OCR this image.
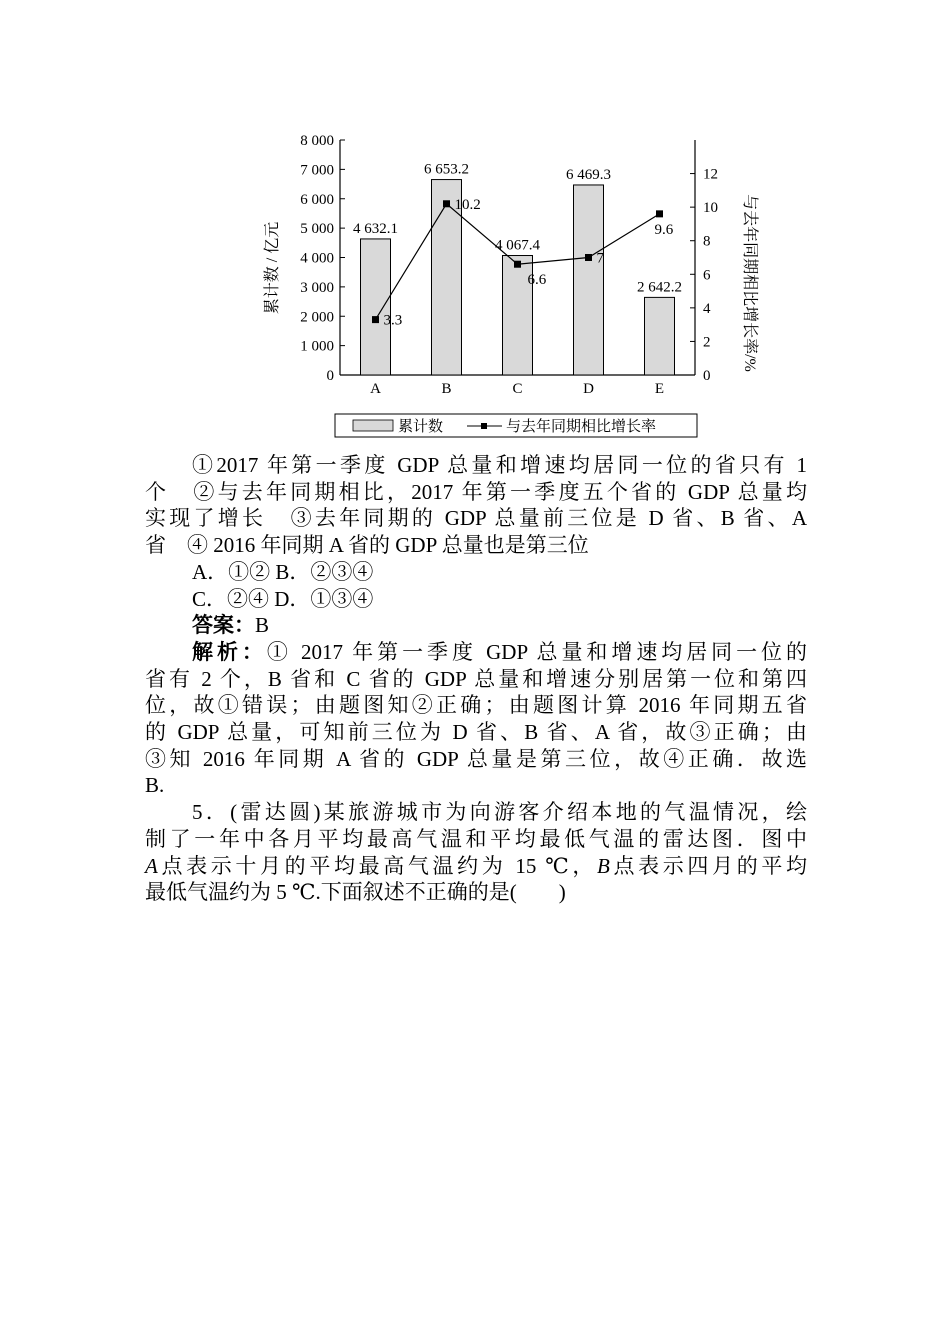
0
1 000
2 000
3 000
4 000
5 000
6 000
7 000
8 000
0
2
4
6
8
10
12
4 632.1
6 653.2
4 067.4
6 469.3
2 642.2
3.3
10.2
6.6
7
9.6
A	B	C	D	E
累计数 / 亿元	与去年同期相比增长率/%
累计数	与去年同期相比增长率
①2017 年第一季度 GDP 总量和增速均居同一位的省只有 1
个　②与去年同期相比，2017 年第一季度五个省的 GDP 总量均
实现了增长　③去年同期的 GDP 总量前三位是 D 省、B 省、A
省　④ 2016 年同期 A 省的 GDP 总量也是第三位
A．①② B．②③④
C．②④ D．①③④
答案：B
解析：① 2017 年第一季度 GDP 总量和增速均居同一位的
省有 2 个，B 省和 C 省的 GDP 总量和增速分别居第一位和第四
位，故①错误；由题图知②正确；由题图计算 2016 年同期五省
的 GDP 总量，可知前三位为 D 省、B 省、A 省，故③正确；由
③知 2016 年同期 A 省的 GDP 总量是第三位，故④正确．故选
B.
5．(雷达圆)某旅游城市为向游客介绍本地的气温情况，绘
制了一年中各月平均最高气温和平均最低气温的雷达图．图中
A点表示十月的平均最高气温约为 15 ℃，B点表示四月的平均
最低气温约为 5 ℃.下面叙述不正确的是(　　)
